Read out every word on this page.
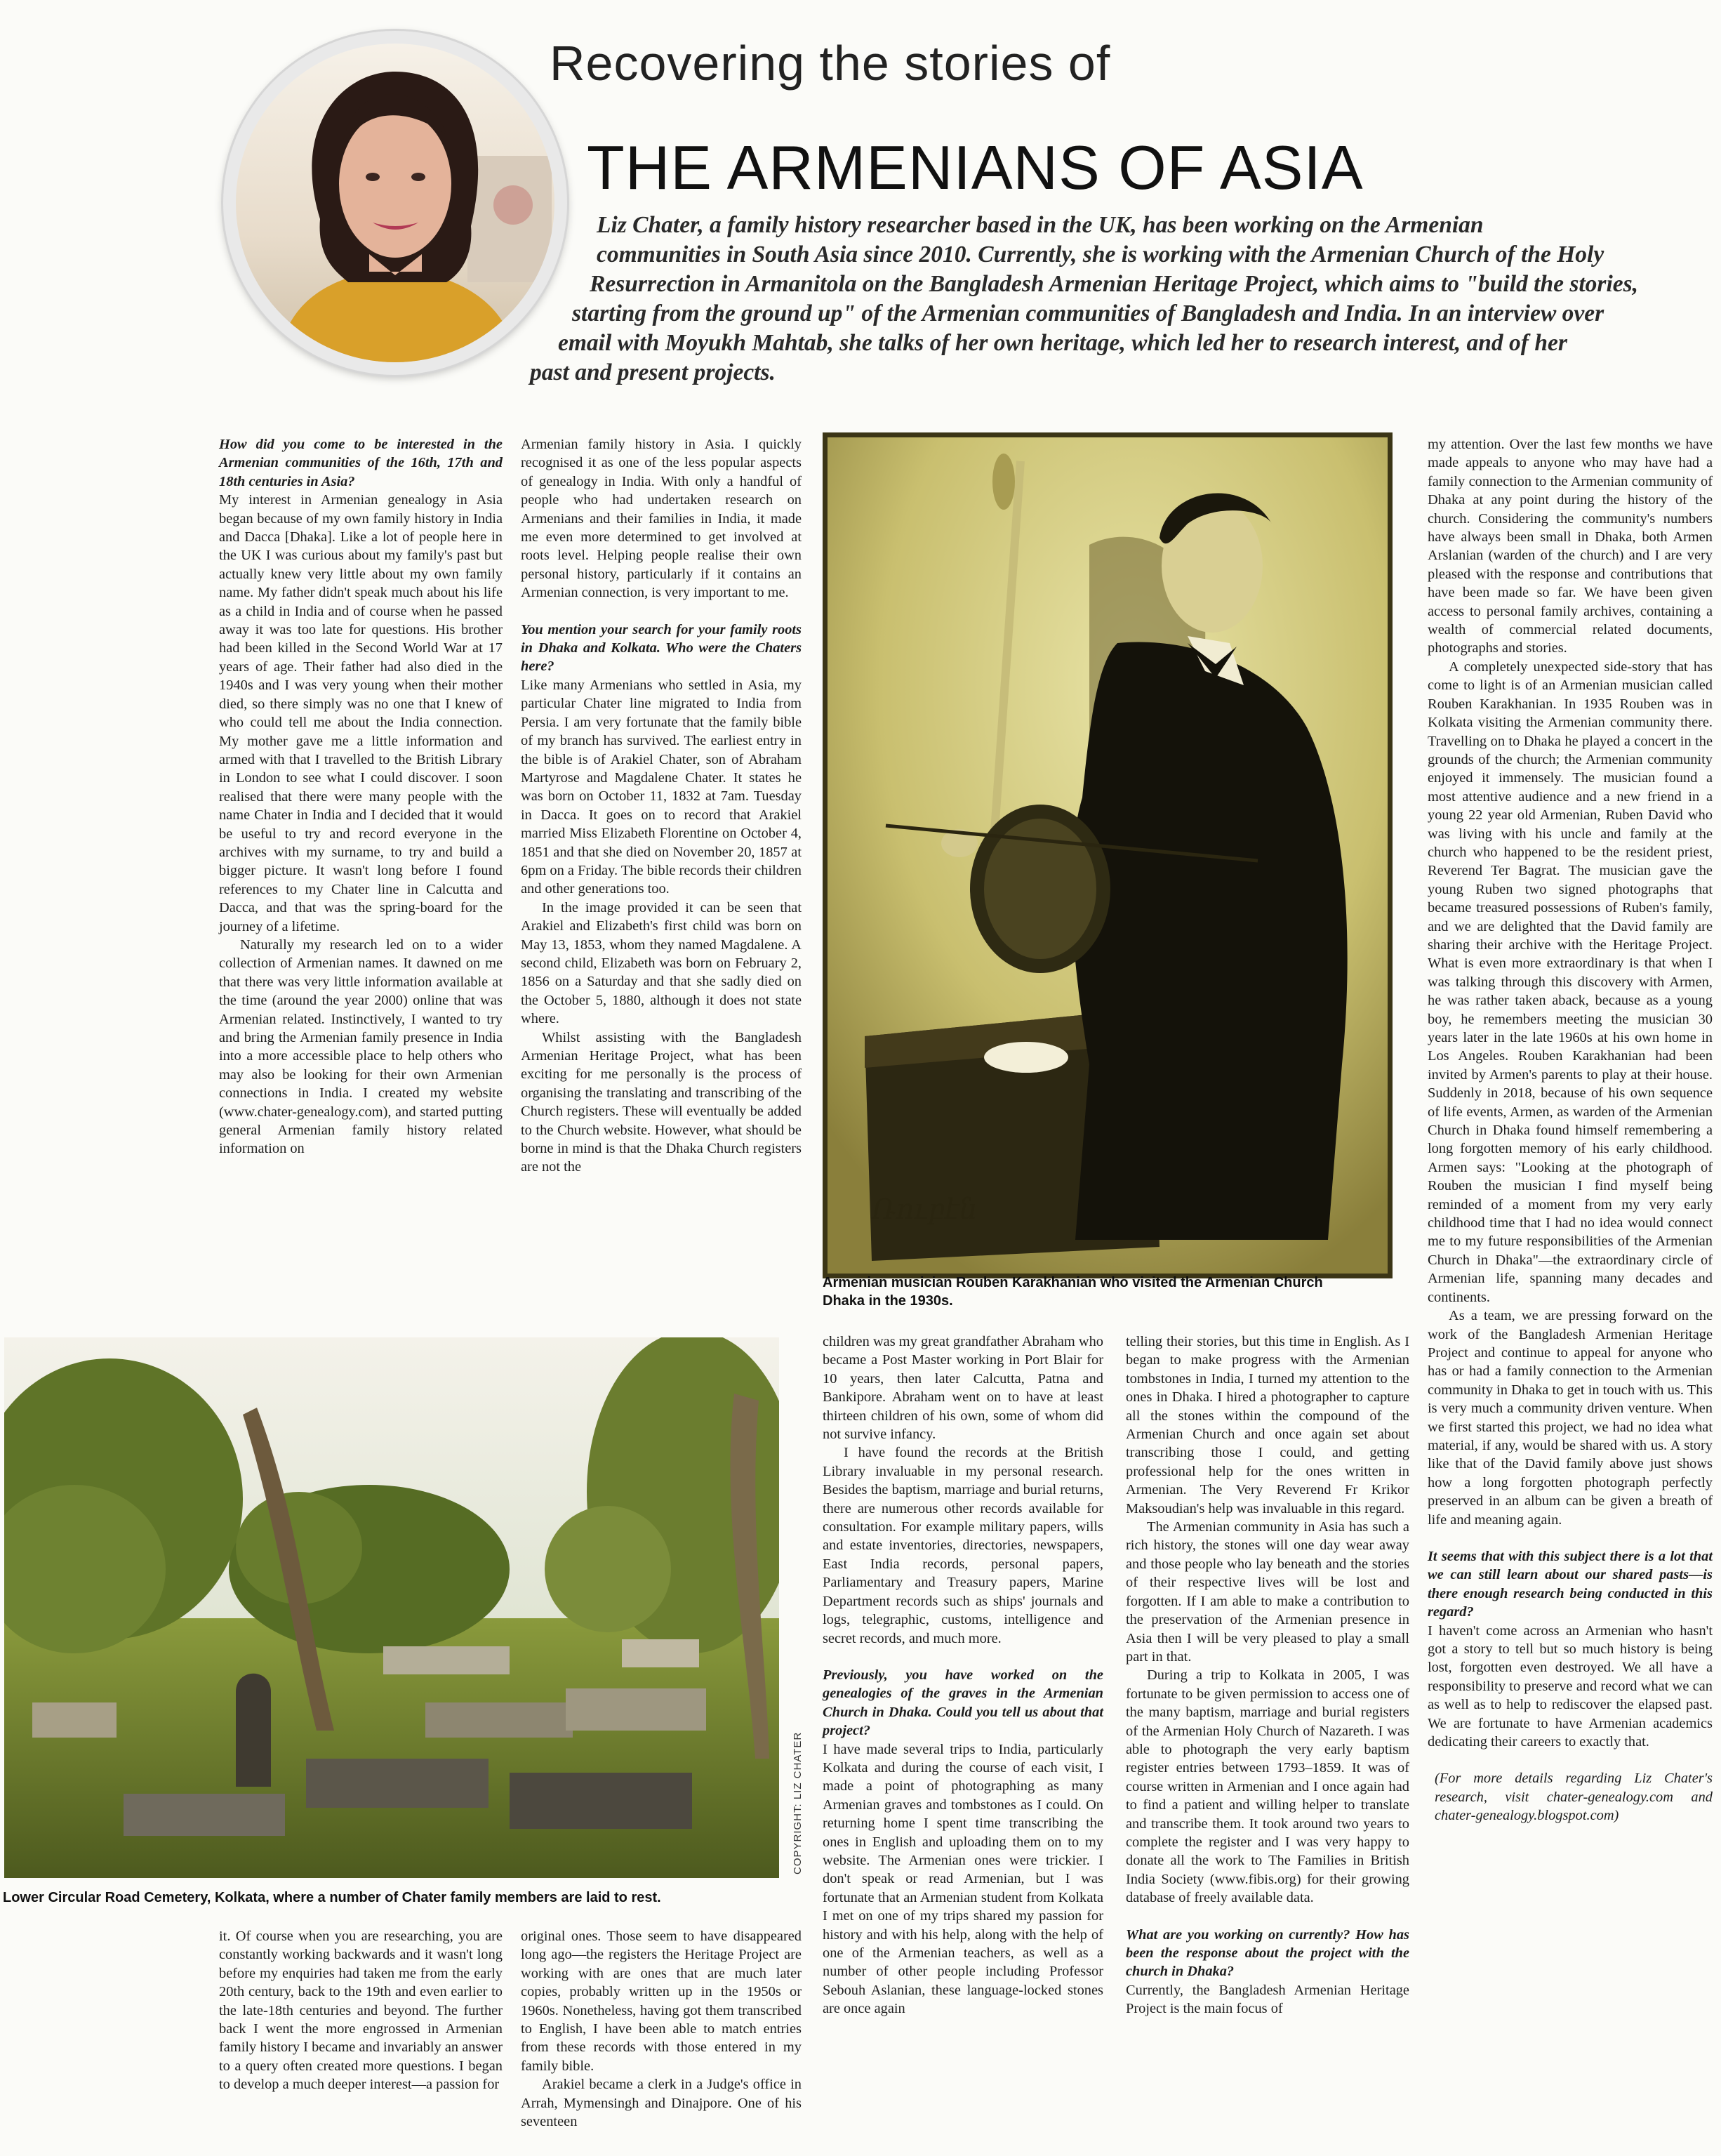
Recovering the stories of
THE ARMENIANS OF ASIA
Liz Chater, a family history researcher based in the UK, has been working on the Armenian
communities in South Asia since 2010. Currently, she is working with the Armenian Church of the Holy
Resurrection in Armanitola on the Bangladesh Armenian Heritage Project, which aims to "build the stories,
starting from the ground up" of the Armenian communities of Bangladesh and India. In an interview over
email with Moyukh Mahtab, she talks of her own heritage, which led her to research interest, and of her
past and present projects.

How did you come to be interested in the Armenian communities of the 16th, 17th and 18th centuries in Asia?

My interest in Armenian genealogy in Asia began because of my own family history in India and Dacca [Dhaka]. Like a lot of people here in the UK I was curious about my family's past but actually knew very little about my own family name. My father didn't speak much about his life as a child in India and of course when he passed away it was too late for questions. His brother had been killed in the Second World War at 17 years of age. Their father had also died in the 1940s and I was very young when their mother died, so there simply was no one that I knew of who could tell me about the India connection. My mother gave me a little information and armed with that I travelled to the British Library in London to see what I could discover. I soon realised that there were many people with the name Chater in India and I decided that it would be useful to try and record everyone in the archives with my surname, to try and build a bigger picture. It wasn't long before I found references to my Chater line in Calcutta and Dacca, and that was the spring-board for the journey of a lifetime.

Naturally my research led on to a wider collection of Armenian names. It dawned on me that there was very little information available at the time (around the year 2000) online that was Armenian related. Instinctively, I wanted to try and bring the Armenian family presence in India into a more accessible place to help others who may also be looking for their own Armenian connections in India. I created my website (www.chater-genealogy.com), and started putting general Armenian family history related information on

Armenian family history in Asia. I quickly recognised it as one of the less popular aspects of genealogy in India. With only a handful of people who had undertaken research on Armenians and their families in India, it made me even more determined to get involved at roots level. Helping people realise their own personal history, particularly if it contains an Armenian connection, is very important to me.

You mention your search for your family roots in Dhaka and Kolkata. Who were the Chaters here?

Like many Armenians who settled in Asia, my particular Chater line migrated to India from Persia. I am very fortunate that the family bible of my branch has survived. The earliest entry in the bible is of Arakiel Chater, son of Abraham Martyrose and Magdalene Chater. It states he was born on October 11, 1832 at 7am. Tuesday in Dacca. It goes on to record that Arakiel married Miss Elizabeth Florentine on October 4, 1851 and that she died on November 20, 1857 at 6pm on a Friday. The bible records their children and other generations too.

In the image provided it can be seen that Arakiel and Elizabeth's first child was born on May 13, 1853, whom they named Magdalene. A second child, Elizabeth was born on February 2, 1856 on a Saturday and that she sadly died on the October 5, 1880, although it does not state where.

Whilst assisting with the Bangladesh Armenian Heritage Project, what has been exciting for me personally is the process of organising the translating and transcribing of the Church registers. These will eventually be added to the Church website. However, what should be borne in mind is that the Dhaka Church registers are not the

Ռուբէն
Armenian musician Rouben Karakhanian who visited the Armenian Church Dhaka in the 1930s.

my attention. Over the last few months we have made appeals to anyone who may have had a family connection to the Armenian community of Dhaka at any point during the history of the church. Considering the community's numbers have always been small in Dhaka, both Armen Arslanian (warden of the church) and I are very pleased with the response and contributions that have been made so far. We have been given access to personal family archives, containing a wealth of commercial related documents, photographs and stories.

A completely unexpected side-story that has come to light is of an Armenian musician called Rouben Karakhanian. In 1935 Rouben was in Kolkata visiting the Armenian community there. Travelling on to Dhaka he played a concert in the grounds of the church; the Armenian community enjoyed it immensely. The musician found a most attentive audience and a new friend in a young 22 year old Armenian, Ruben David who was living with his uncle and family at the church who happened to be the resident priest, Reverend Ter Bagrat. The musician gave the young Ruben two signed photographs that became treasured possessions of Ruben's family, and we are delighted that the David family are sharing their archive with the Heritage Project. What is even more extraordinary is that when I was talking through this discovery with Armen, he was rather taken aback, because as a young boy, he remembers meeting the musician 30 years later in the late 1960s at his own home in Los Angeles. Rouben Karakhanian had been invited by Armen's parents to play at their house. Suddenly in 2018, because of his own sequence of life events, Armen, as warden of the Armenian Church in Dhaka found himself remembering a long forgotten memory of his early childhood. Armen says: "Looking at the photograph of Rouben the musician I find myself being reminded of a moment from my very early childhood time that I had no idea would connect me to my future responsibilities of the Armenian Church in Dhaka"—the extraordinary circle of Armenian life, spanning many decades and continents.

As a team, we are pressing forward on the work of the Bangladesh Armenian Heritage Project and continue to appeal for anyone who has or had a family connection to the Armenian community in Dhaka to get in touch with us. This is very much a community driven venture. When we first started this project, we had no idea what material, if any, would be shared with us. A story like that of the David family above just shows how a long forgotten photograph perfectly preserved in an album can be given a breath of life and meaning again.

It seems that with this subject there is a lot that we can still learn about our shared pasts—is there enough research being conducted in this regard?

I haven't come across an Armenian who hasn't got a story to tell but so much history is being lost, forgotten even destroyed. We all have a responsibility to preserve and record what we can as well as to help to rediscover the elapsed past. We are fortunate to have Armenian academics dedicating their careers to exactly that.

(For more details regarding Liz Chater's research, visit chater-genealogy.com and chater-genealogy.blogspot.com)

Lower Circular Road Cemetery, Kolkata, where a number of Chater family members are laid to rest.
COPYRIGHT: LIZ CHATER

it. Of course when you are researching, you are constantly working backwards and it wasn't long before my enquiries had taken me from the early 20th century, back to the 19th and even earlier to the late-18th centuries and beyond. The further back I went the more engrossed in Armenian family history I became and invariably an answer to a query often created more questions. I began to develop a much deeper interest—a passion for

original ones. Those seem to have disappeared long ago—the registers the Heritage Project are working with are ones that are much later copies, probably written up in the 1950s or 1960s. Nonetheless, having got them transcribed to English, I have been able to match entries from these records with those entered in my family bible.

Arakiel became a clerk in a Judge's office in Arrah, Mymensingh and Dinajpore. One of his seventeen

children was my great grandfather Abraham who became a Post Master working in Port Blair for 10 years, then later Calcutta, Patna and Bankipore. Abraham went on to have at least thirteen children of his own, some of whom did not survive infancy.

I have found the records at the British Library invaluable in my personal research. Besides the baptism, marriage and burial returns, there are numerous other records available for consultation. For example military papers, wills and estate inventories, directories, newspapers, East India records, personal papers, Parliamentary and Treasury papers, Marine Department records such as ships' journals and logs, telegraphic, customs, intelligence and secret records, and much more.

Previously, you have worked on the genealogies of the graves in the Armenian Church in Dhaka. Could you tell us about that project?

I have made several trips to India, particularly Kolkata and during the course of each visit, I made a point of photographing as many Armenian graves and tombstones as I could. On returning home I spent time transcribing the ones in English and uploading them on to my website. The Armenian ones were trickier. I don't speak or read Armenian, but I was fortunate that an Armenian student from Kolkata I met on one of my trips shared my passion for history and with his help, along with the help of one of the Armenian teachers, as well as a number of other people including Professor Sebouh Aslanian, these language-locked stones are once again

telling their stories, but this time in English. As I began to make progress with the Armenian tombstones in India, I turned my attention to the ones in Dhaka. I hired a photographer to capture all the stones within the compound of the Armenian Church and once again set about transcribing those I could, and getting professional help for the ones written in Armenian. The Very Reverend Fr Krikor Maksoudian's help was invaluable in this regard.

The Armenian community in Asia has such a rich history, the stones will one day wear away and those people who lay beneath and the stories of their respective lives will be lost and forgotten. If I am able to make a contribution to the preservation of the Armenian presence in Asia then I will be very pleased to play a small part in that.

During a trip to Kolkata in 2005, I was fortunate to be given permission to access one of the many baptism, marriage and burial registers of the Armenian Holy Church of Nazareth. I was able to photograph the very early baptism register entries between 1793–1859. It was of course written in Armenian and I once again had to find a patient and willing helper to translate and transcribe them. It took around two years to complete the register and I was very happy to donate all the work to The Families in British India Society (www.fibis.org) for their growing database of freely available data.

What are you working on currently? How has been the response about the project with the church in Dhaka?

Currently, the Bangladesh Armenian Heritage Project is the main focus of
